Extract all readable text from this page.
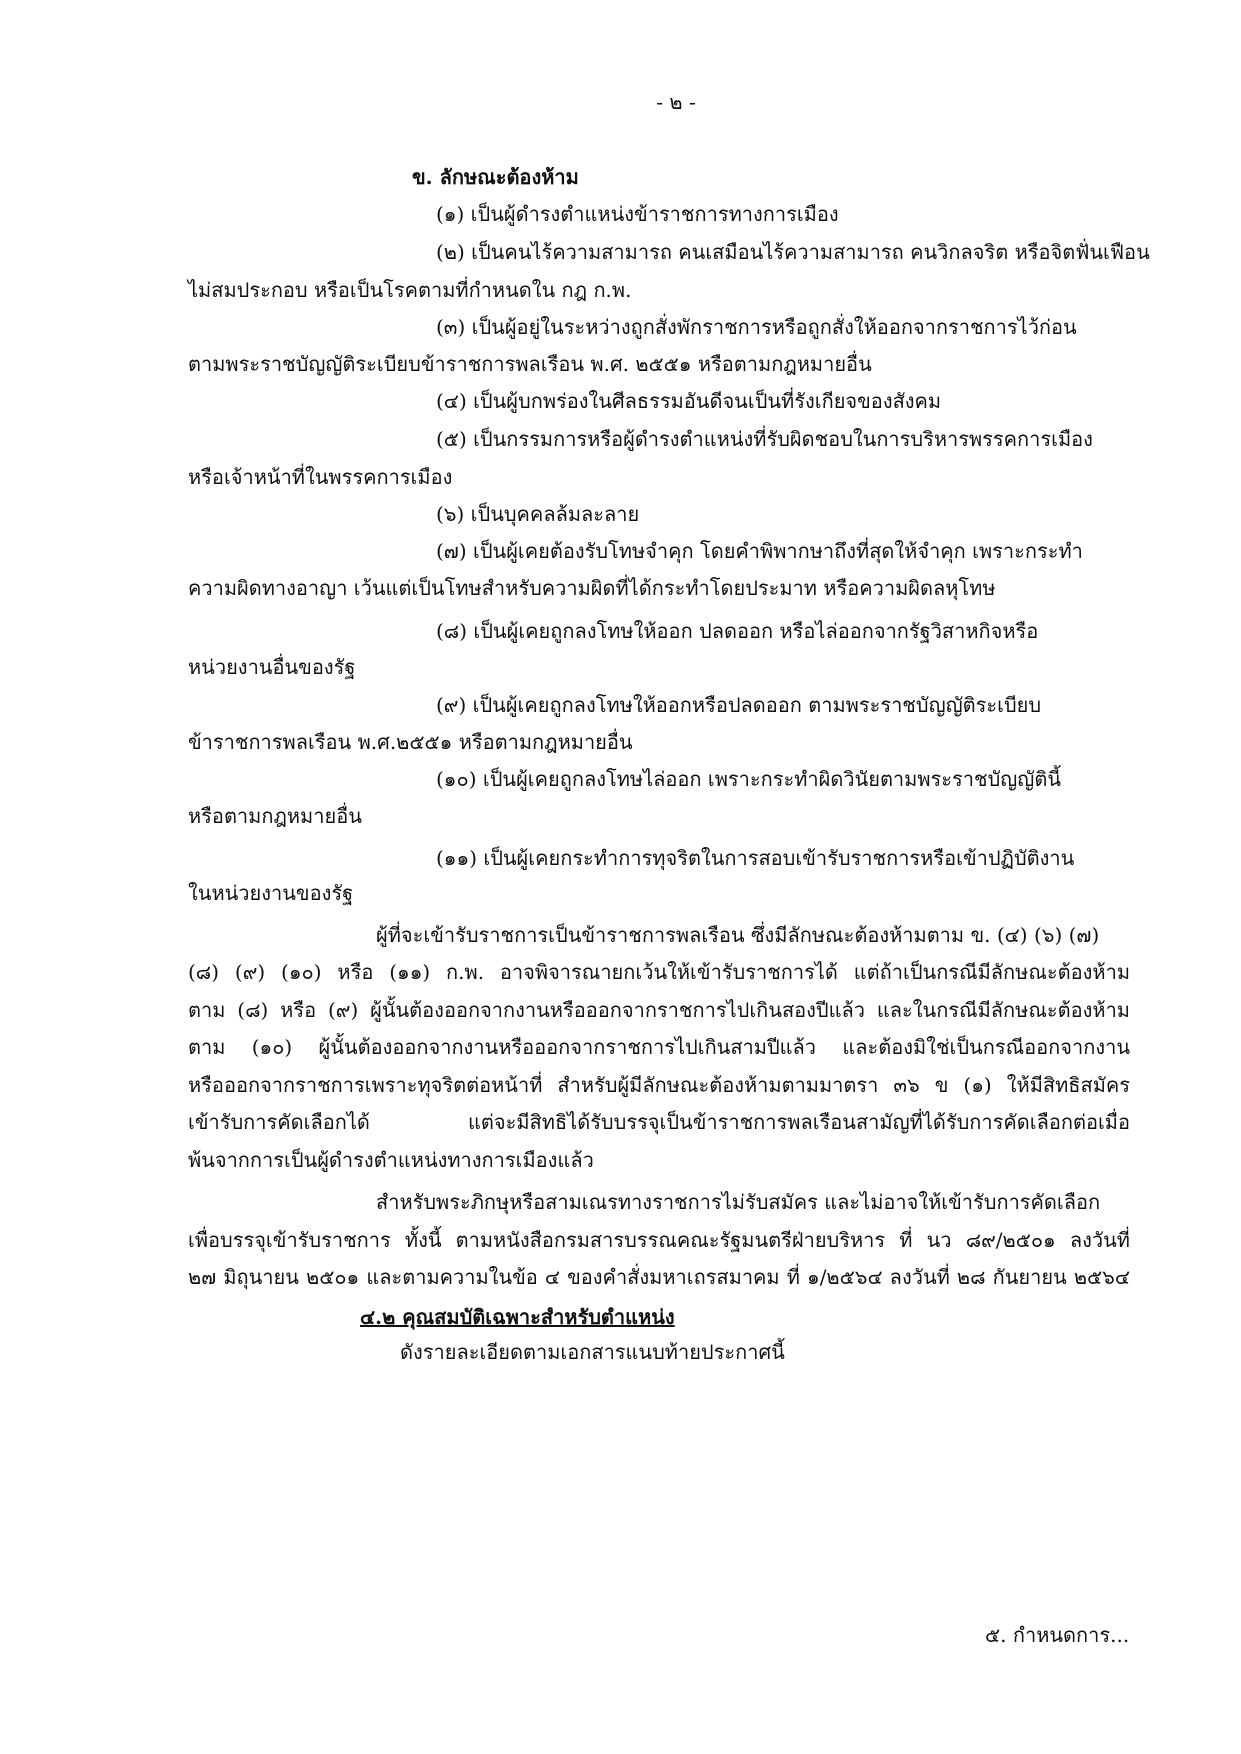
- ๒ -
ข. ลักษณะต้องห้าม
(๑) เป็นผู้ดำรงตำแหน่งข้าราชการทางการเมือง
(๒) เป็นคนไร้ความสามารถ คนเสมือนไร้ความสามารถ คนวิกลจริต หรือจิตฟั่นเฟือน
ไม่สมประกอบ หรือเป็นโรคตามที่กำหนดใน กฎ ก.พ.
(๓) เป็นผู้อยู่ในระหว่างถูกสั่งพักราชการหรือถูกสั่งให้ออกจากราชการไว้ก่อน
ตามพระราชบัญญัติระเบียบข้าราชการพลเรือน พ.ศ. ๒๕๕๑ หรือตามกฎหมายอื่น
(๔) เป็นผู้บกพร่องในศีลธรรมอันดีจนเป็นที่รังเกียจของสังคม
(๕) เป็นกรรมการหรือผู้ดำรงตำแหน่งที่รับผิดชอบในการบริหารพรรคการเมือง
หรือเจ้าหน้าที่ในพรรคการเมือง
(๖) เป็นบุคคลล้มละลาย
(๗) เป็นผู้เคยต้องรับโทษจำคุก โดยคำพิพากษาถึงที่สุดให้จำคุก เพราะกระทำ
ความผิดทางอาญา เว้นแต่เป็นโทษสำหรับความผิดที่ได้กระทำโดยประมาท หรือความผิดลหุโทษ
(๘) เป็นผู้เคยถูกลงโทษให้ออก ปลดออก หรือไล่ออกจากรัฐวิสาหกิจหรือ
หน่วยงานอื่นของรัฐ
(๙) เป็นผู้เคยถูกลงโทษให้ออกหรือปลดออก ตามพระราชบัญญัติระเบียบ
ข้าราชการพลเรือน พ.ศ.๒๕๕๑ หรือตามกฎหมายอื่น
(๑๐) เป็นผู้เคยถูกลงโทษไล่ออก เพราะกระทำผิดวินัยตามพระราชบัญญัตินี้
หรือตามกฎหมายอื่น
(๑๑) เป็นผู้เคยกระทำการทุจริตในการสอบเข้ารับราชการหรือเข้าปฏิบัติงาน
ในหน่วยงานของรัฐ
ผู้ที่จะเข้ารับราชการเป็นข้าราชการพลเรือน ซึ่งมีลักษณะต้องห้ามตาม ข. (๔) (๖) (๗)
(๘) (๙) (๑๐) หรือ (๑๑) ก.พ. อาจพิจารณายกเว้นให้เข้ารับราชการได้ แต่ถ้าเป็นกรณีมีลักษณะต้องห้าม
ตาม (๘) หรือ (๙) ผู้นั้นต้องออกจากงานหรือออกจากราชการไปเกินสองปีแล้ว และในกรณีมีลักษณะต้องห้าม
ตาม (๑๐) ผู้นั้นต้องออกจากงานหรือออกจากราชการไปเกินสามปีแล้ว และต้องมิใช่เป็นกรณีออกจากงาน
หรือออกจากราชการเพราะทุจริตต่อหน้าที่ สำหรับผู้มีลักษณะต้องห้ามตามมาตรา ๓๖ ข (๑) ให้มีสิทธิสมัคร
เข้ารับการคัดเลือกได้ แต่จะมีสิทธิได้รับบรรจุเป็นข้าราชการพลเรือนสามัญที่ได้รับการคัดเลือกต่อเมื่อ
พ้นจากการเป็นผู้ดำรงตำแหน่งทางการเมืองแล้ว
สำหรับพระภิกษุหรือสามเณรทางราชการไม่รับสมัคร และไม่อาจให้เข้ารับการคัดเลือก
เพื่อบรรจุเข้ารับราชการ ทั้งนี้ ตามหนังสือกรมสารบรรณคณะรัฐมนตรีฝ่ายบริหาร ที่ นว ๘๙/๒๕๐๑ ลงวันที่
๒๗ มิถุนายน ๒๕๐๑ และตามความในข้อ ๔ ของคำสั่งมหาเถรสมาคม ที่ ๑/๒๕๖๔ ลงวันที่ ๒๘ กันยายน ๒๕๖๔
๔.๒ คุณสมบัติเฉพาะสำหรับตำแหน่ง
ดังรายละเอียดตามเอกสารแนบท้ายประกาศนี้
๕. กำหนดการ...
